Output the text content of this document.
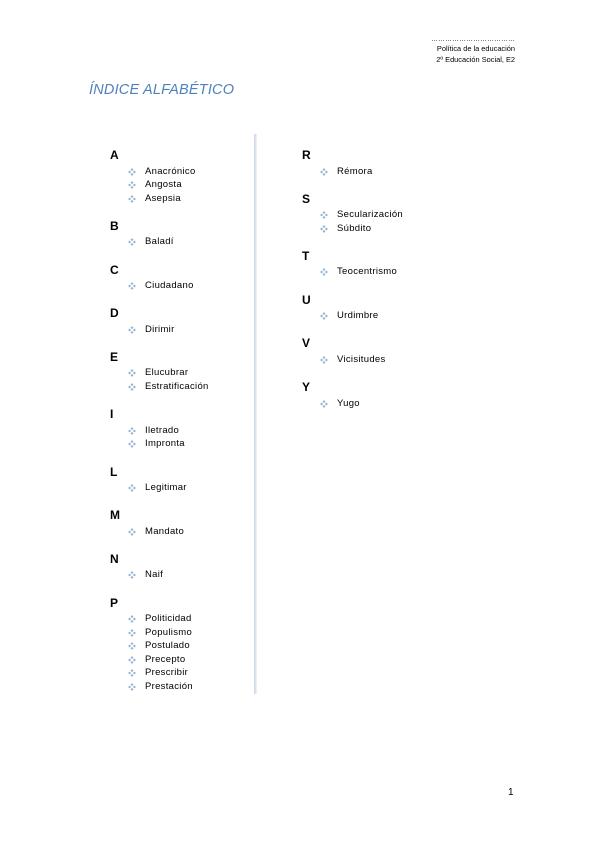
………………………………
Política de la educación
2º Educación Social, E2
ÍNDICE ALFABÉTICO
A
Anacrónico
Angosta
Asepsia
B
Baladí
C
Ciudadano
D
Dirimir
E
Elucubrar
Estratificación
I
Iletrado
Impronta
L
Legitimar
M
Mandato
N
Naif
P
Politicidad
Populismo
Postulado
Precepto
Prescribir
Prestación
R
Rémora
S
Secularización
Súbdito
T
Teocentrismo
U
Urdimbre
V
Vicisitudes
Y
Yugo
1
